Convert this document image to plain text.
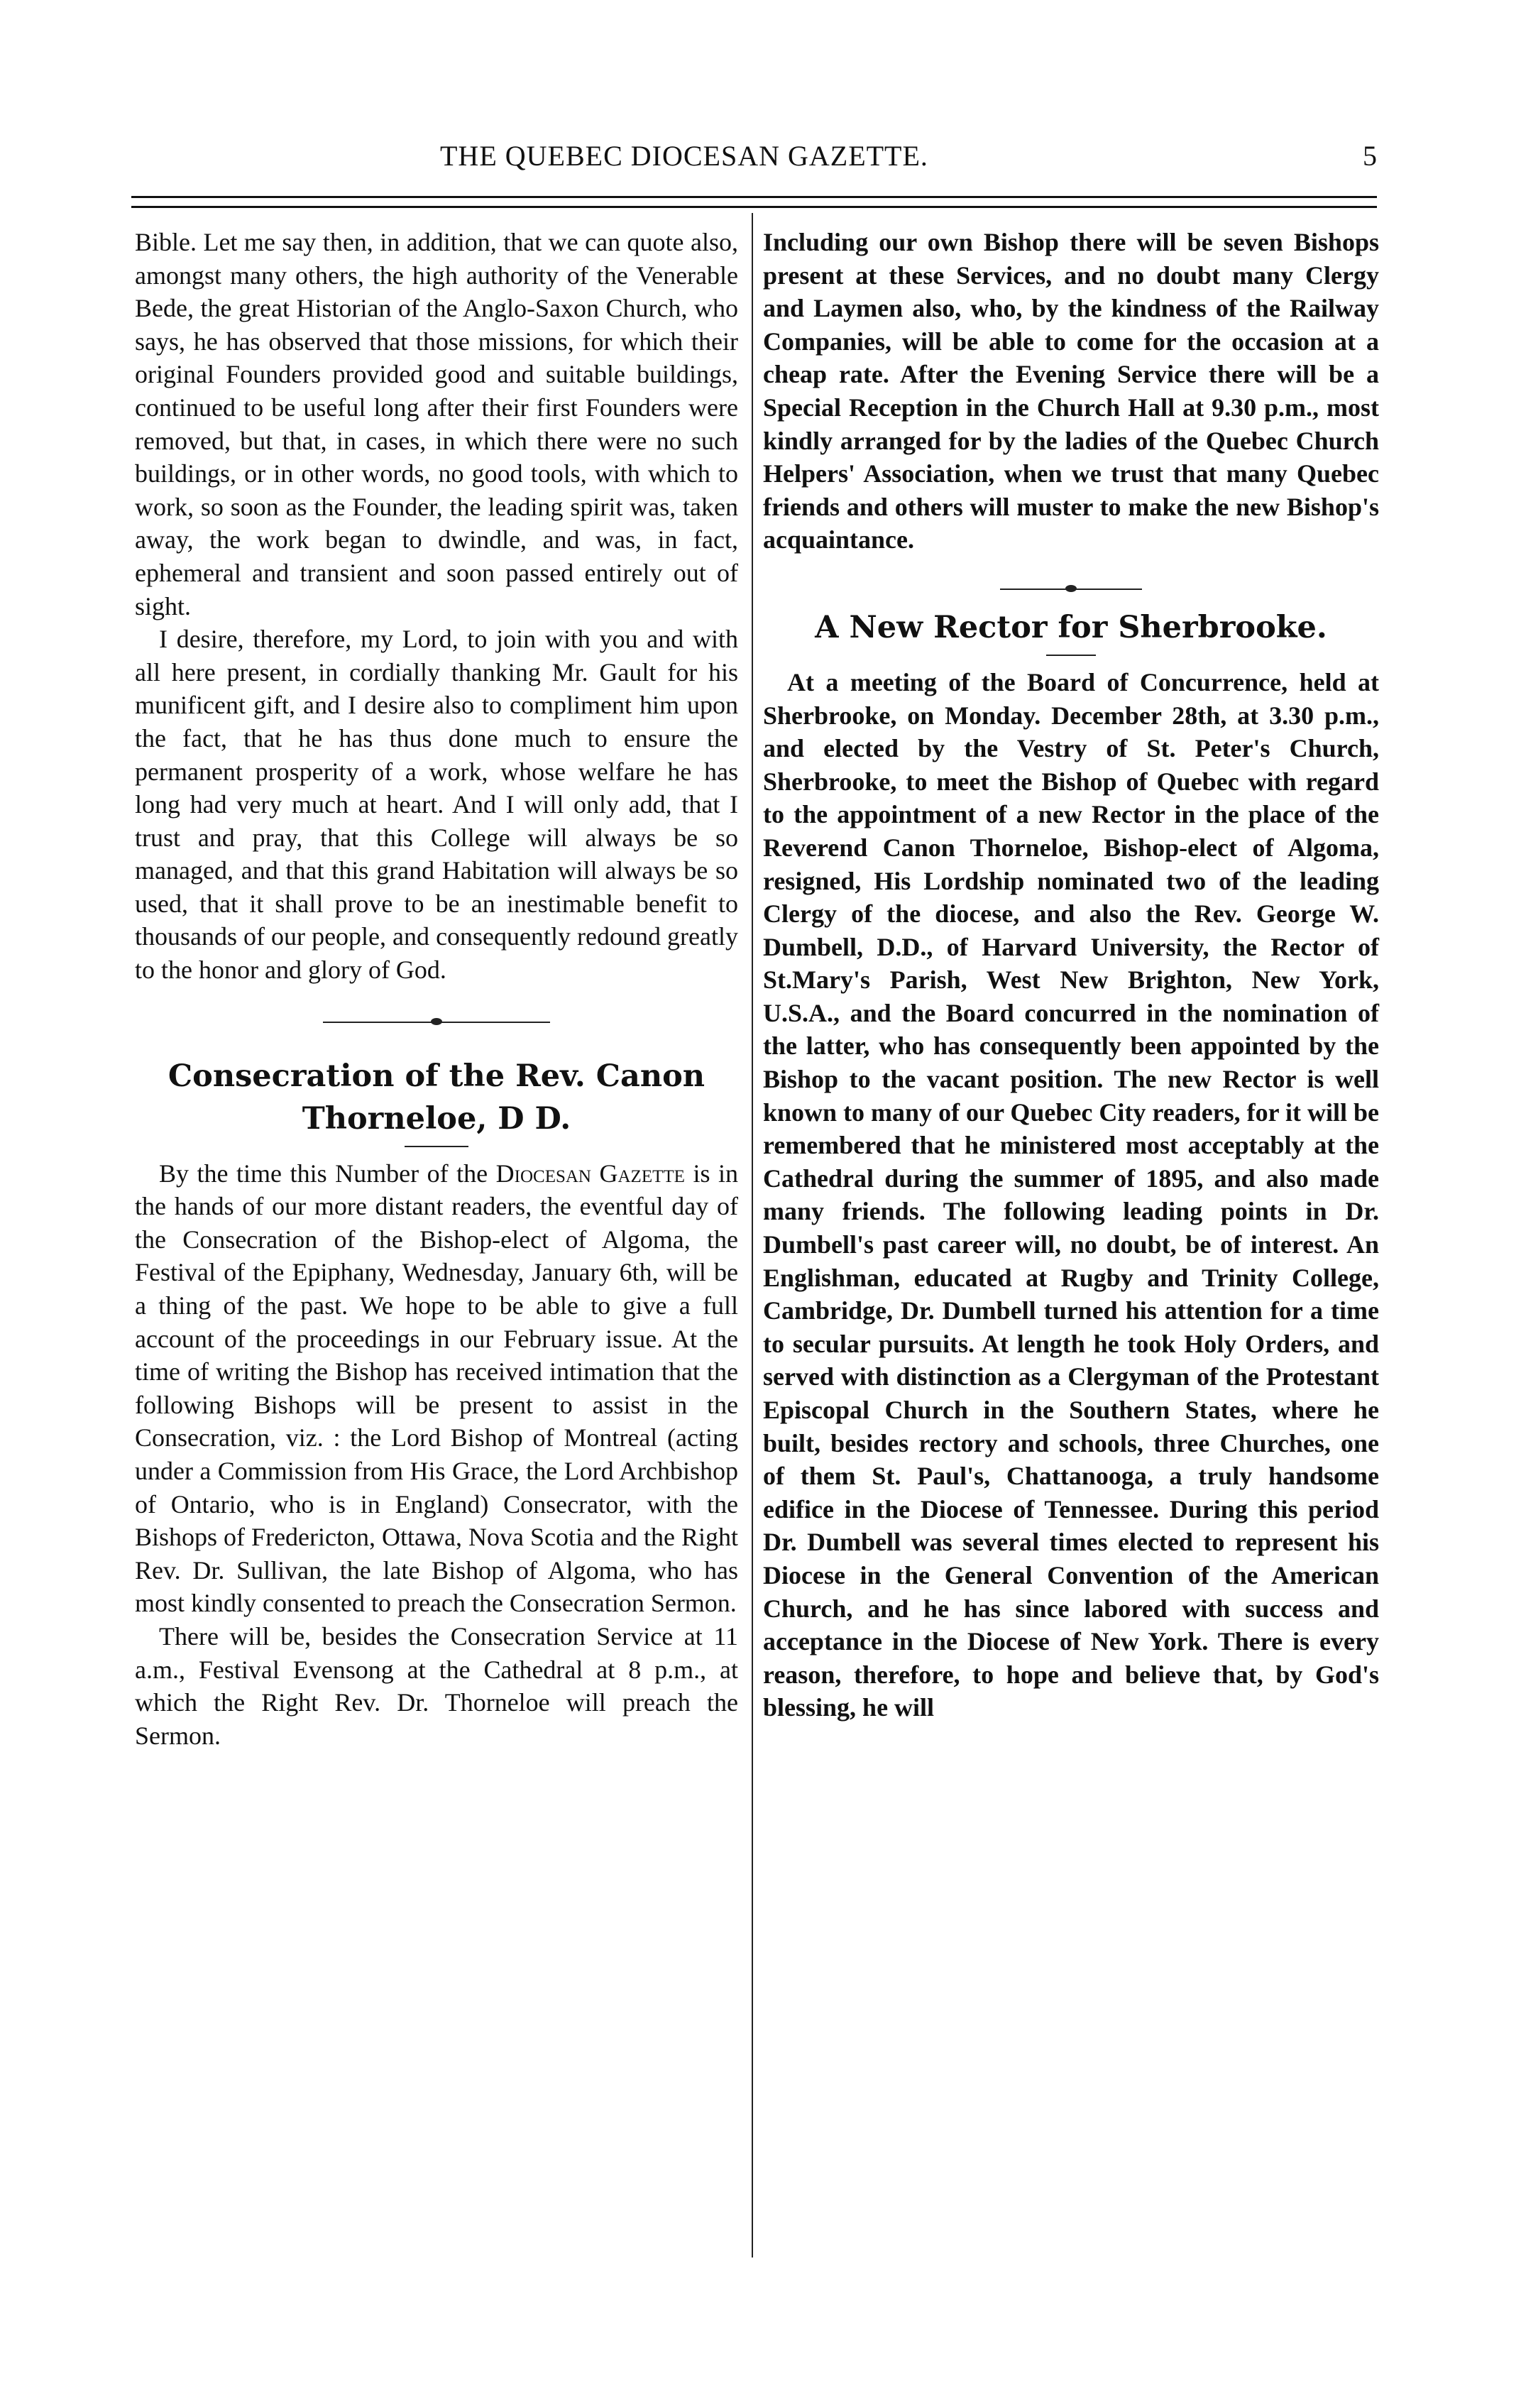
THE QUEBEC DIOCESAN GAZETTE.	5

Bible. Let me say then, in addition, that we can quote also, amongst many others, the high authority of the Venerable Bede, the great Historian of the Anglo-Saxon Church, who says, he has observed that those missions, for which their original Founders provided good and suitable buildings, continued to be useful long after their first Founders were removed, but that, in cases, in which there were no such buildings, or in other words, no good tools, with which to work, so soon as the Founder, the leading spirit was, taken away, the work began to dwindle, and was, in fact, ephemeral and transient and soon passed entirely out of sight.

I desire, therefore, my Lord, to join with you and with all here present, in cordially thanking Mr. Gault for his munificent gift, and I desire also to compliment him upon the fact, that he has thus done much to ensure the permanent prosperity of a work, whose welfare he has long had very much at heart. And I will only add, that I trust and pray, that this College will always be so managed, and that this grand Habitation will always be so used, that it shall prove to be an inestimable benefit to thousands of our people, and consequently redound greatly to the honor and glory of God.

Consecration of the Rev. Canon
Thorneloe, D D.

By the time this Number of the Diocesan Gazette is in the hands of our more distant readers, the eventful day of the Consecration of the Bishop-elect of Algoma, the Festival of the Epiphany, Wednesday, January 6th, will be a thing of the past. We hope to be able to give a full account of the proceedings in our February issue. At the time of writing the Bishop has received intimation that the following Bishops will be present to assist in the Consecration, viz. : the Lord Bishop of Montreal (acting under a Commission from His Grace, the Lord Archbishop of Ontario, who is in England) Consecrator, with the Bishops of Fredericton, Ottawa, Nova Scotia and the Right Rev. Dr. Sullivan, the late Bishop of Algoma, who has most kindly consented to preach the Consecration Sermon.

There will be, besides the Consecration Service at 11 a.m., Festival Evensong at the Cathedral at 8 p.m., at which the Right Rev. Dr. Thorneloe will preach the Sermon.

Including our own Bishop there will be seven Bishops present at these Services, and no doubt many Clergy and Laymen also, who, by the kindness of the Railway Companies, will be able to come for the occasion at a cheap rate. After the Evening Service there will be a Special Reception in the Church Hall at 9.30 p.m., most kindly arranged for by the ladies of the Quebec Church Helpers' Association, when we trust that many Quebec friends and others will muster to make the new Bishop's acquaintance.

A New Rector for Sherbrooke.

At a meeting of the Board of Concurrence, held at Sherbrooke, on Monday. December 28th, at 3.30 p.m., and elected by the Vestry of St. Peter's Church, Sherbrooke, to meet the Bishop of Quebec with regard to the appointment of a new Rector in the place of the Reverend Canon Thorneloe, Bishop-elect of Algoma, resigned, His Lordship nominated two of the leading Clergy of the diocese, and also the Rev. George W. Dumbell, D.D., of Harvard University, the Rector of St.Mary's Parish, West New Brighton, New York, U.S.A., and the Board concurred in the nomination of the latter, who has consequently been appointed by the Bishop to the vacant position. The new Rector is well known to many of our Quebec City readers, for it will be remembered that he ministered most acceptably at the Cathedral during the summer of 1895, and also made many friends. The following leading points in Dr. Dumbell's past career will, no doubt, be of interest. An Englishman, educated at Rugby and Trinity College, Cambridge, Dr. Dumbell turned his attention for a time to secular pursuits. At length he took Holy Orders, and served with distinction as a Clergyman of the Protestant Episcopal Church in the Southern States, where he built, besides rectory and schools, three Churches, one of them St. Paul's, Chattanooga, a truly handsome edifice in the Diocese of Tennessee. During this period Dr. Dumbell was several times elected to represent his Diocese in the General Convention of the American Church, and he has since labored with success and acceptance in the Diocese of New York. There is every reason, therefore, to hope and believe that, by God's blessing, he will
